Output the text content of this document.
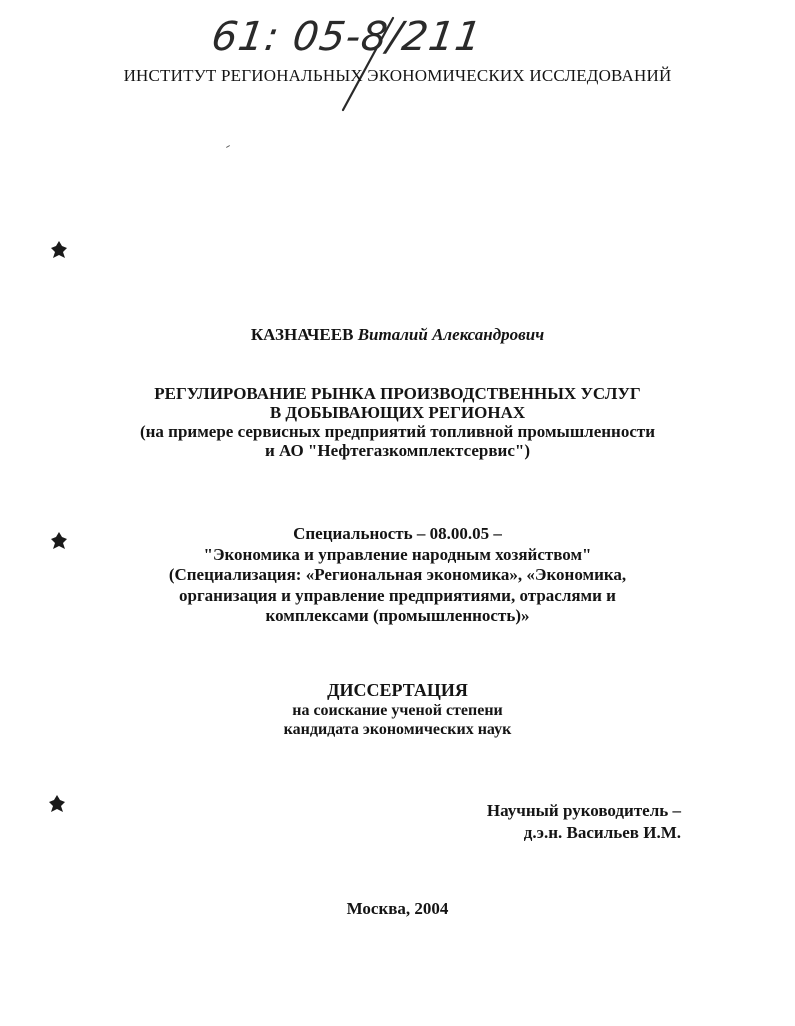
61: 05-8/211
ИНСТИТУТ РЕГИОНАЛЬНЫХ ЭКОНОМИЧЕСКИХ ИССЛЕДОВАНИЙ
КАЗНАЧЕЕВ Виталий Александрович
РЕГУЛИРОВАНИЕ РЫНКА ПРОИЗВОДСТВЕННЫХ УСЛУГ
В ДОБЫВАЮЩИХ РЕГИОНАХ
(на примере сервисных предприятий топливной промышленности
и АО "Нефтегазкомплектсервис")
Специальность – 08.00.05 –
"Экономика и управление народным хозяйством"
(Специализация: «Региональная экономика», «Экономика,
организация и управление предприятиями, отраслями и
комплексами (промышленность)»
ДИССЕРТАЦИЯ
на соискание ученой степени
кандидата экономических наук
Научный руководитель –
д.э.н. Васильев И.М.
Москва, 2004
